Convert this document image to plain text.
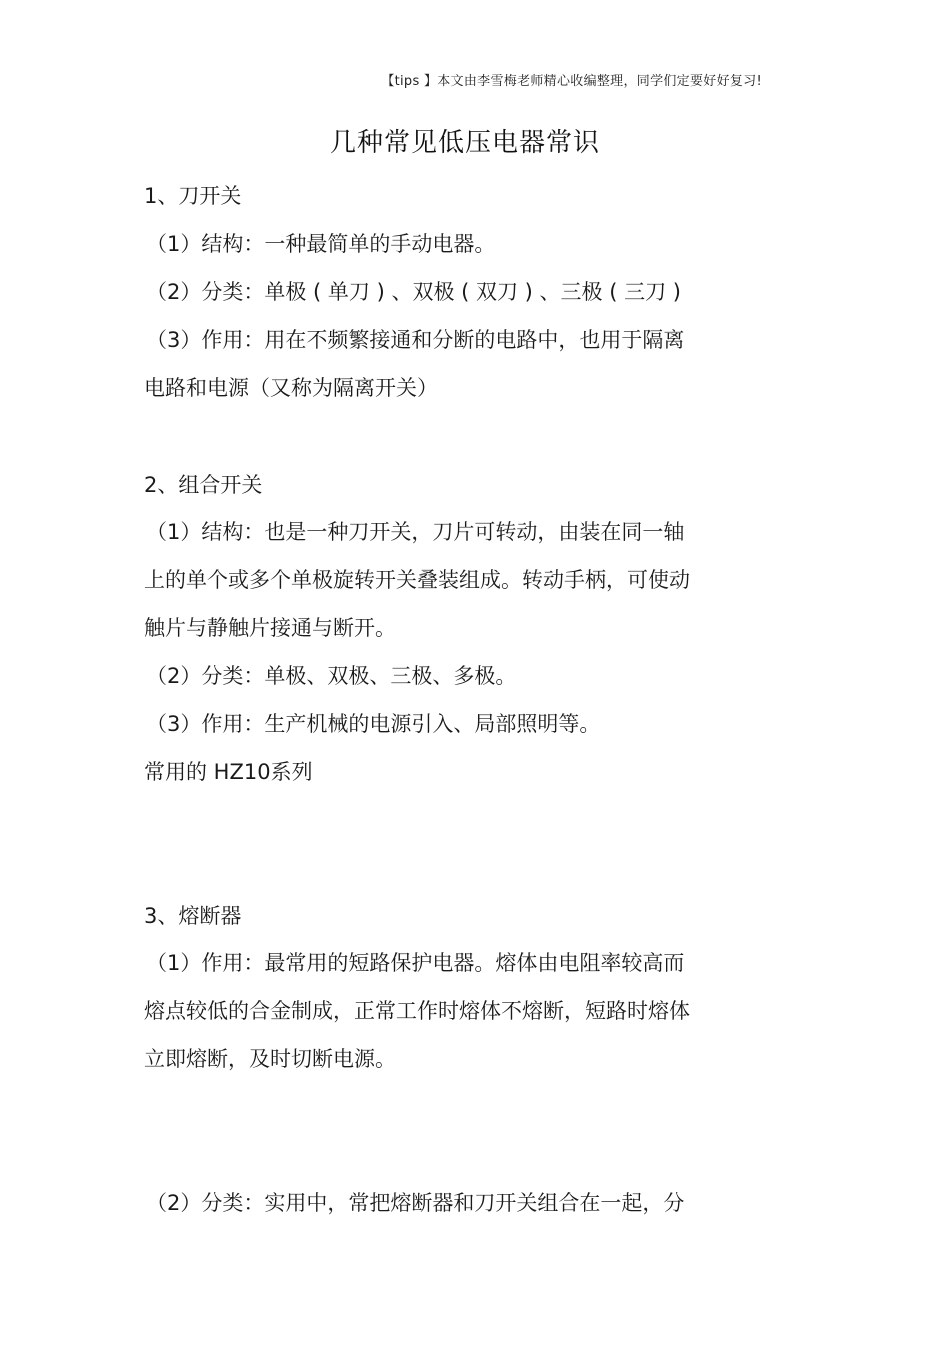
【tips 】本文由李雪梅老师精心收编整理，同学们定要好好复习!
几种常见低压电器常识
1、刀开关
（1）结构：一种最简单的手动电器。
（2）分类：单极 ( 单刀 ) 、双极 ( 双刀 ) 、三极 ( 三刀 )
（3）作用：用在不频繁接通和分断的电路中，也用于隔离
电路和电源（又称为隔离开关）
2、组合开关
（1）结构：也是一种刀开关，刀片可转动，由装在同一轴
上的单个或多个单极旋转开关叠装组成。转动手柄，可使动
触片与静触片接通与断开。
（2）分类：单极、双极、三极、多极。
（3）作用：生产机械的电源引入、局部照明等。
常用的 HZ10系列
3、熔断器
（1）作用：最常用的短路保护电器。熔体由电阻率较高而
熔点较低的合金制成，正常工作时熔体不熔断，短路时熔体
立即熔断，及时切断电源。
（2）分类：实用中，常把熔断器和刀开关组合在一起，分
